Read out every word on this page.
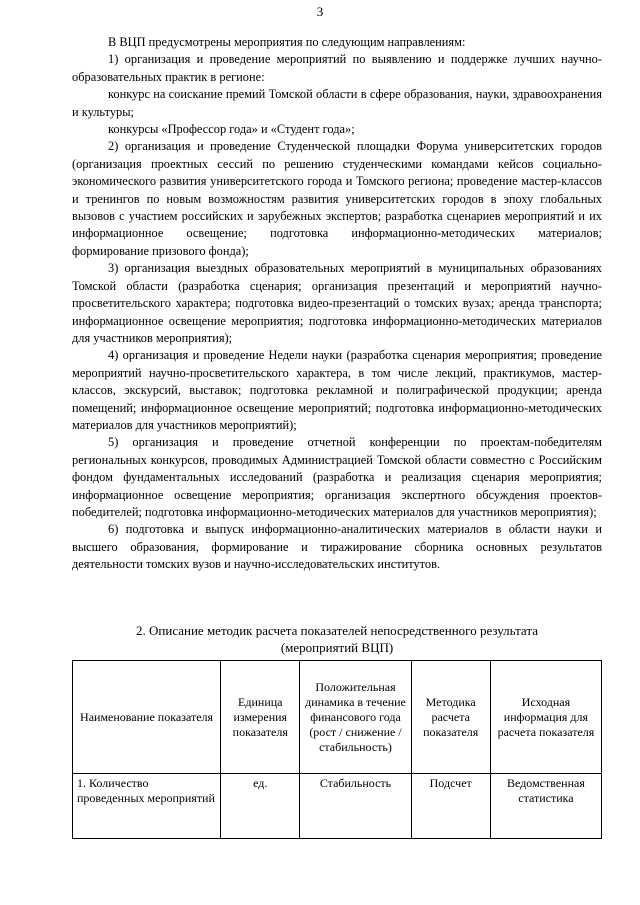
3

В ВЦП предусмотрены мероприятия по следующим направлениям:

1) организация и проведение мероприятий по выявлению и поддержке лучших научно-образовательных практик в регионе:

конкурс на соискание премий Томской области в сфере образования, науки, здравоохранения и культуры;

конкурсы «Профессор года» и «Студент года»;

2) организация и проведение Студенческой площадки Форума университетских городов (организация проектных сессий по решению студенческими командами кейсов социально-экономического развития университетского города и Томского региона; проведение мастер-классов и тренингов по новым возможностям развития университетских городов в эпоху глобальных вызовов с участием российских и зарубежных экспертов; разработка сценариев мероприятий и их информационное освещение; подготовка информационно-методических материалов; формирование призового фонда);

3) организация выездных образовательных мероприятий в муниципальных образованиях Томской области (разработка сценария; организация презентаций и мероприятий научно-просветительского характера; подготовка видео-презентаций о томских вузах; аренда транспорта; информационное освещение мероприятия; подготовка информационно-методических материалов для участников мероприятия);

4) организация и проведение Недели науки (разработка сценария мероприятия; проведение мероприятий научно-просветительского характера, в том числе лекций, практикумов, мастер-классов, экскурсий, выставок; подготовка рекламной и полиграфической продукции; аренда помещений; информационное освещение мероприятий; подготовка информационно-методических материалов для участников мероприятий);

5) организация и проведение отчетной конференции по проектам-победителям региональных конкурсов, проводимых Администрацией Томской области совместно с Российским фондом фундаментальных исследований (разработка и реализация сценария мероприятия; информационное освещение мероприятия; организация экспертного обсуждения проектов-победителей; подготовка информационно-методических материалов для участников мероприятия);

6) подготовка и выпуск информационно-аналитических материалов в области науки и высшего образования, формирование и тиражирование сборника основных результатов деятельности томских вузов и научно-исследовательских институтов.

2. Описание методик расчета показателей непосредственного результата
(мероприятий ВЦП)
Наименование показателя	Единица измерения показателя	Положительная динамика в течение финансового года (рост / снижение / стабильность)	Методика расчета показателя	Исходная информация для расчета показателя
1. Количество проведенных мероприятий	ед.	Стабильность	Подсчет	Ведомственная статистика
